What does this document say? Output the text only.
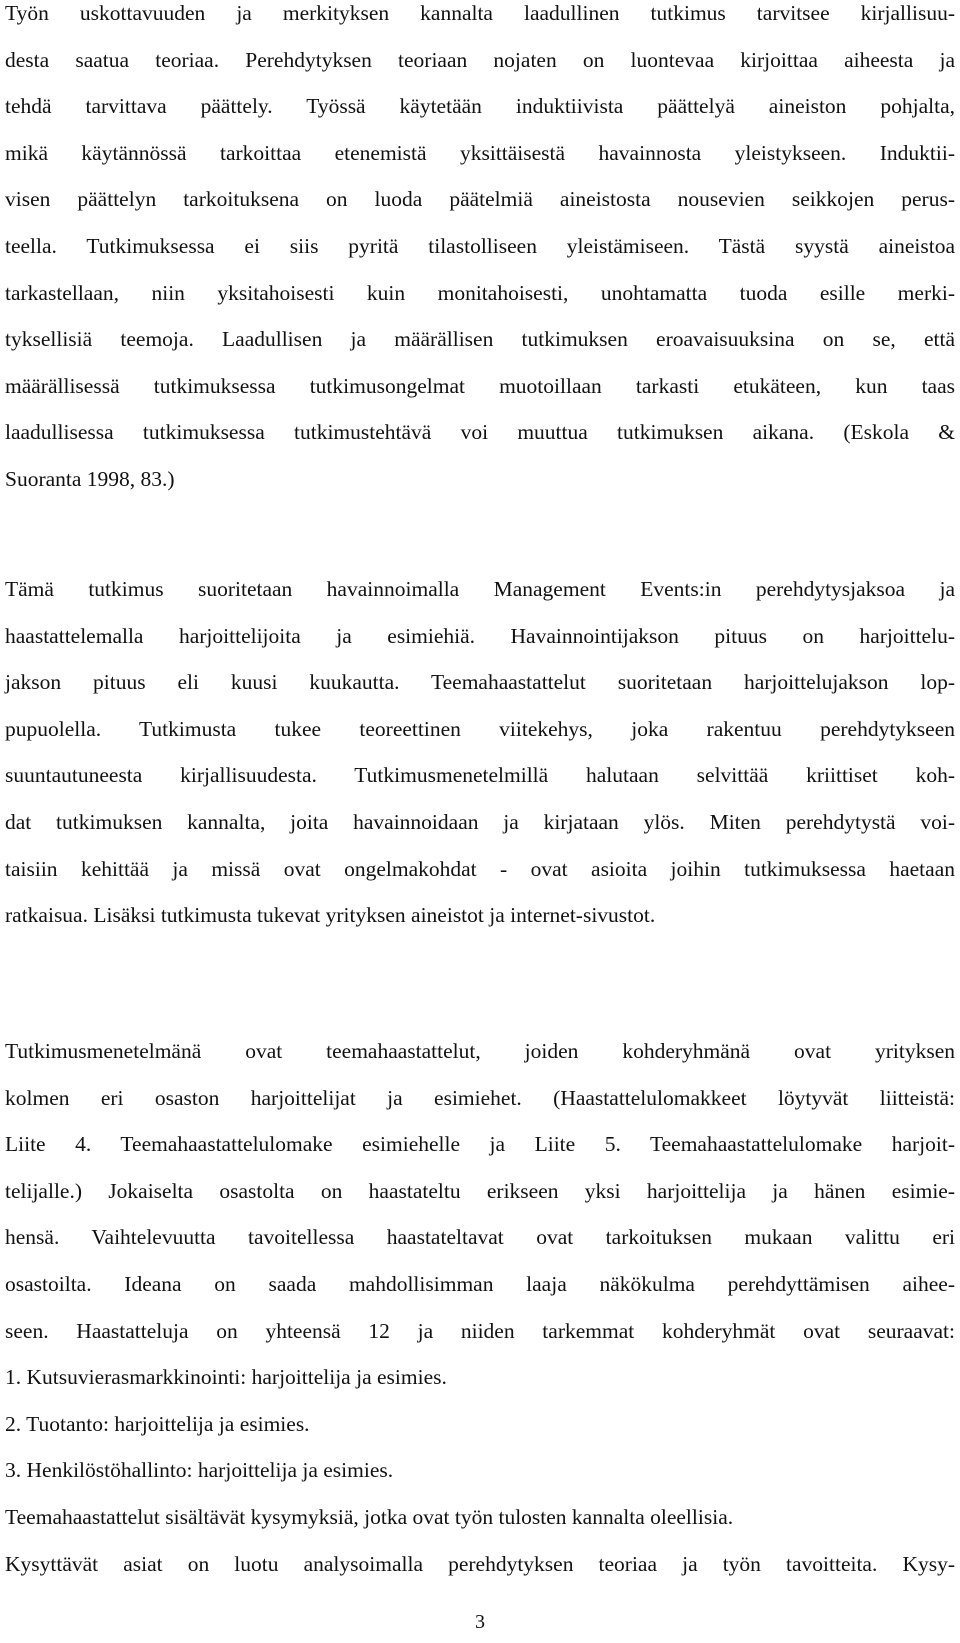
Työn uskottavuuden ja merkityksen kannalta laadullinen tutkimus tarvitsee kirjallisuu-
desta saatua teoriaa. Perehdytyksen teoriaan nojaten on luontevaa kirjoittaa aiheesta ja
tehdä tarvittava päättely. Työssä käytetään induktiivista päättelyä aineiston pohjalta,
mikä käytännössä tarkoittaa etenemistä yksittäisestä havainnosta yleistykseen. Induktii-
visen päättelyn tarkoituksena on luoda päätelmiä aineistosta nousevien seikkojen perus-
teella. Tutkimuksessa ei siis pyritä tilastolliseen yleistämiseen. Tästä syystä aineistoa
tarkastellaan, niin yksitahoisesti kuin monitahoisesti, unohtamatta tuoda esille merki-
tyksellisiä teemoja. Laadullisen ja määrällisen tutkimuksen eroavaisuuksina on se, että
määrällisessä tutkimuksessa tutkimusongelmat muotoillaan tarkasti etukäteen, kun taas
laadullisessa tutkimuksessa tutkimustehtävä voi muuttua tutkimuksen aikana. (Eskola &
Suoranta 1998, 83.)
Tämä tutkimus suoritetaan havainnoimalla Management Events:in perehdytysjaksoa ja
haastattelemalla harjoittelijoita ja esimiehiä. Havainnointijakson pituus on harjoittelu-
jakson pituus eli kuusi kuukautta. Teemahaastattelut suoritetaan harjoittelujakson lop-
pupuolella. Tutkimusta tukee teoreettinen viitekehys, joka rakentuu perehdytykseen
suuntautuneesta kirjallisuudesta. Tutkimusmenetelmillä halutaan selvittää kriittiset koh-
dat tutkimuksen kannalta, joita havainnoidaan ja kirjataan ylös. Miten perehdytystä voi-
taisiin kehittää ja missä ovat ongelmakohdat - ovat asioita joihin tutkimuksessa haetaan
ratkaisua. Lisäksi tutkimusta tukevat yrityksen aineistot ja internet-sivustot.
Tutkimusmenetelmänä ovat teemahaastattelut, joiden kohderyhmänä ovat yrityksen
kolmen eri osaston harjoittelijat ja esimiehet. (Haastattelulomakkeet löytyvät liitteistä:
Liite 4. Teemahaastattelulomake esimiehelle ja Liite 5. Teemahaastattelulomake harjoit-
telijalle.) Jokaiselta osastolta on haastateltu erikseen yksi harjoittelija ja hänen esimie-
hensä. Vaihtelevuutta tavoitellessa haastateltavat ovat tarkoituksen mukaan valittu eri
osastoilta. Ideana on saada mahdollisimman laaja näkökulma perehdyttämisen aihee-
seen. Haastatteluja on yhteensä 12 ja niiden tarkemmat kohderyhmät ovat seuraavat:
1. Kutsuvierasmarkkinointi: harjoittelija ja esimies.
2. Tuotanto: harjoittelija ja esimies.
3. Henkilöstöhallinto: harjoittelija ja esimies.
Teemahaastattelut sisältävät kysymyksiä, jotka ovat työn tulosten kannalta oleellisia.
Kysyttävät asiat on luotu analysoimalla perehdytyksen teoriaa ja työn tavoitteita. Kysy-
3
